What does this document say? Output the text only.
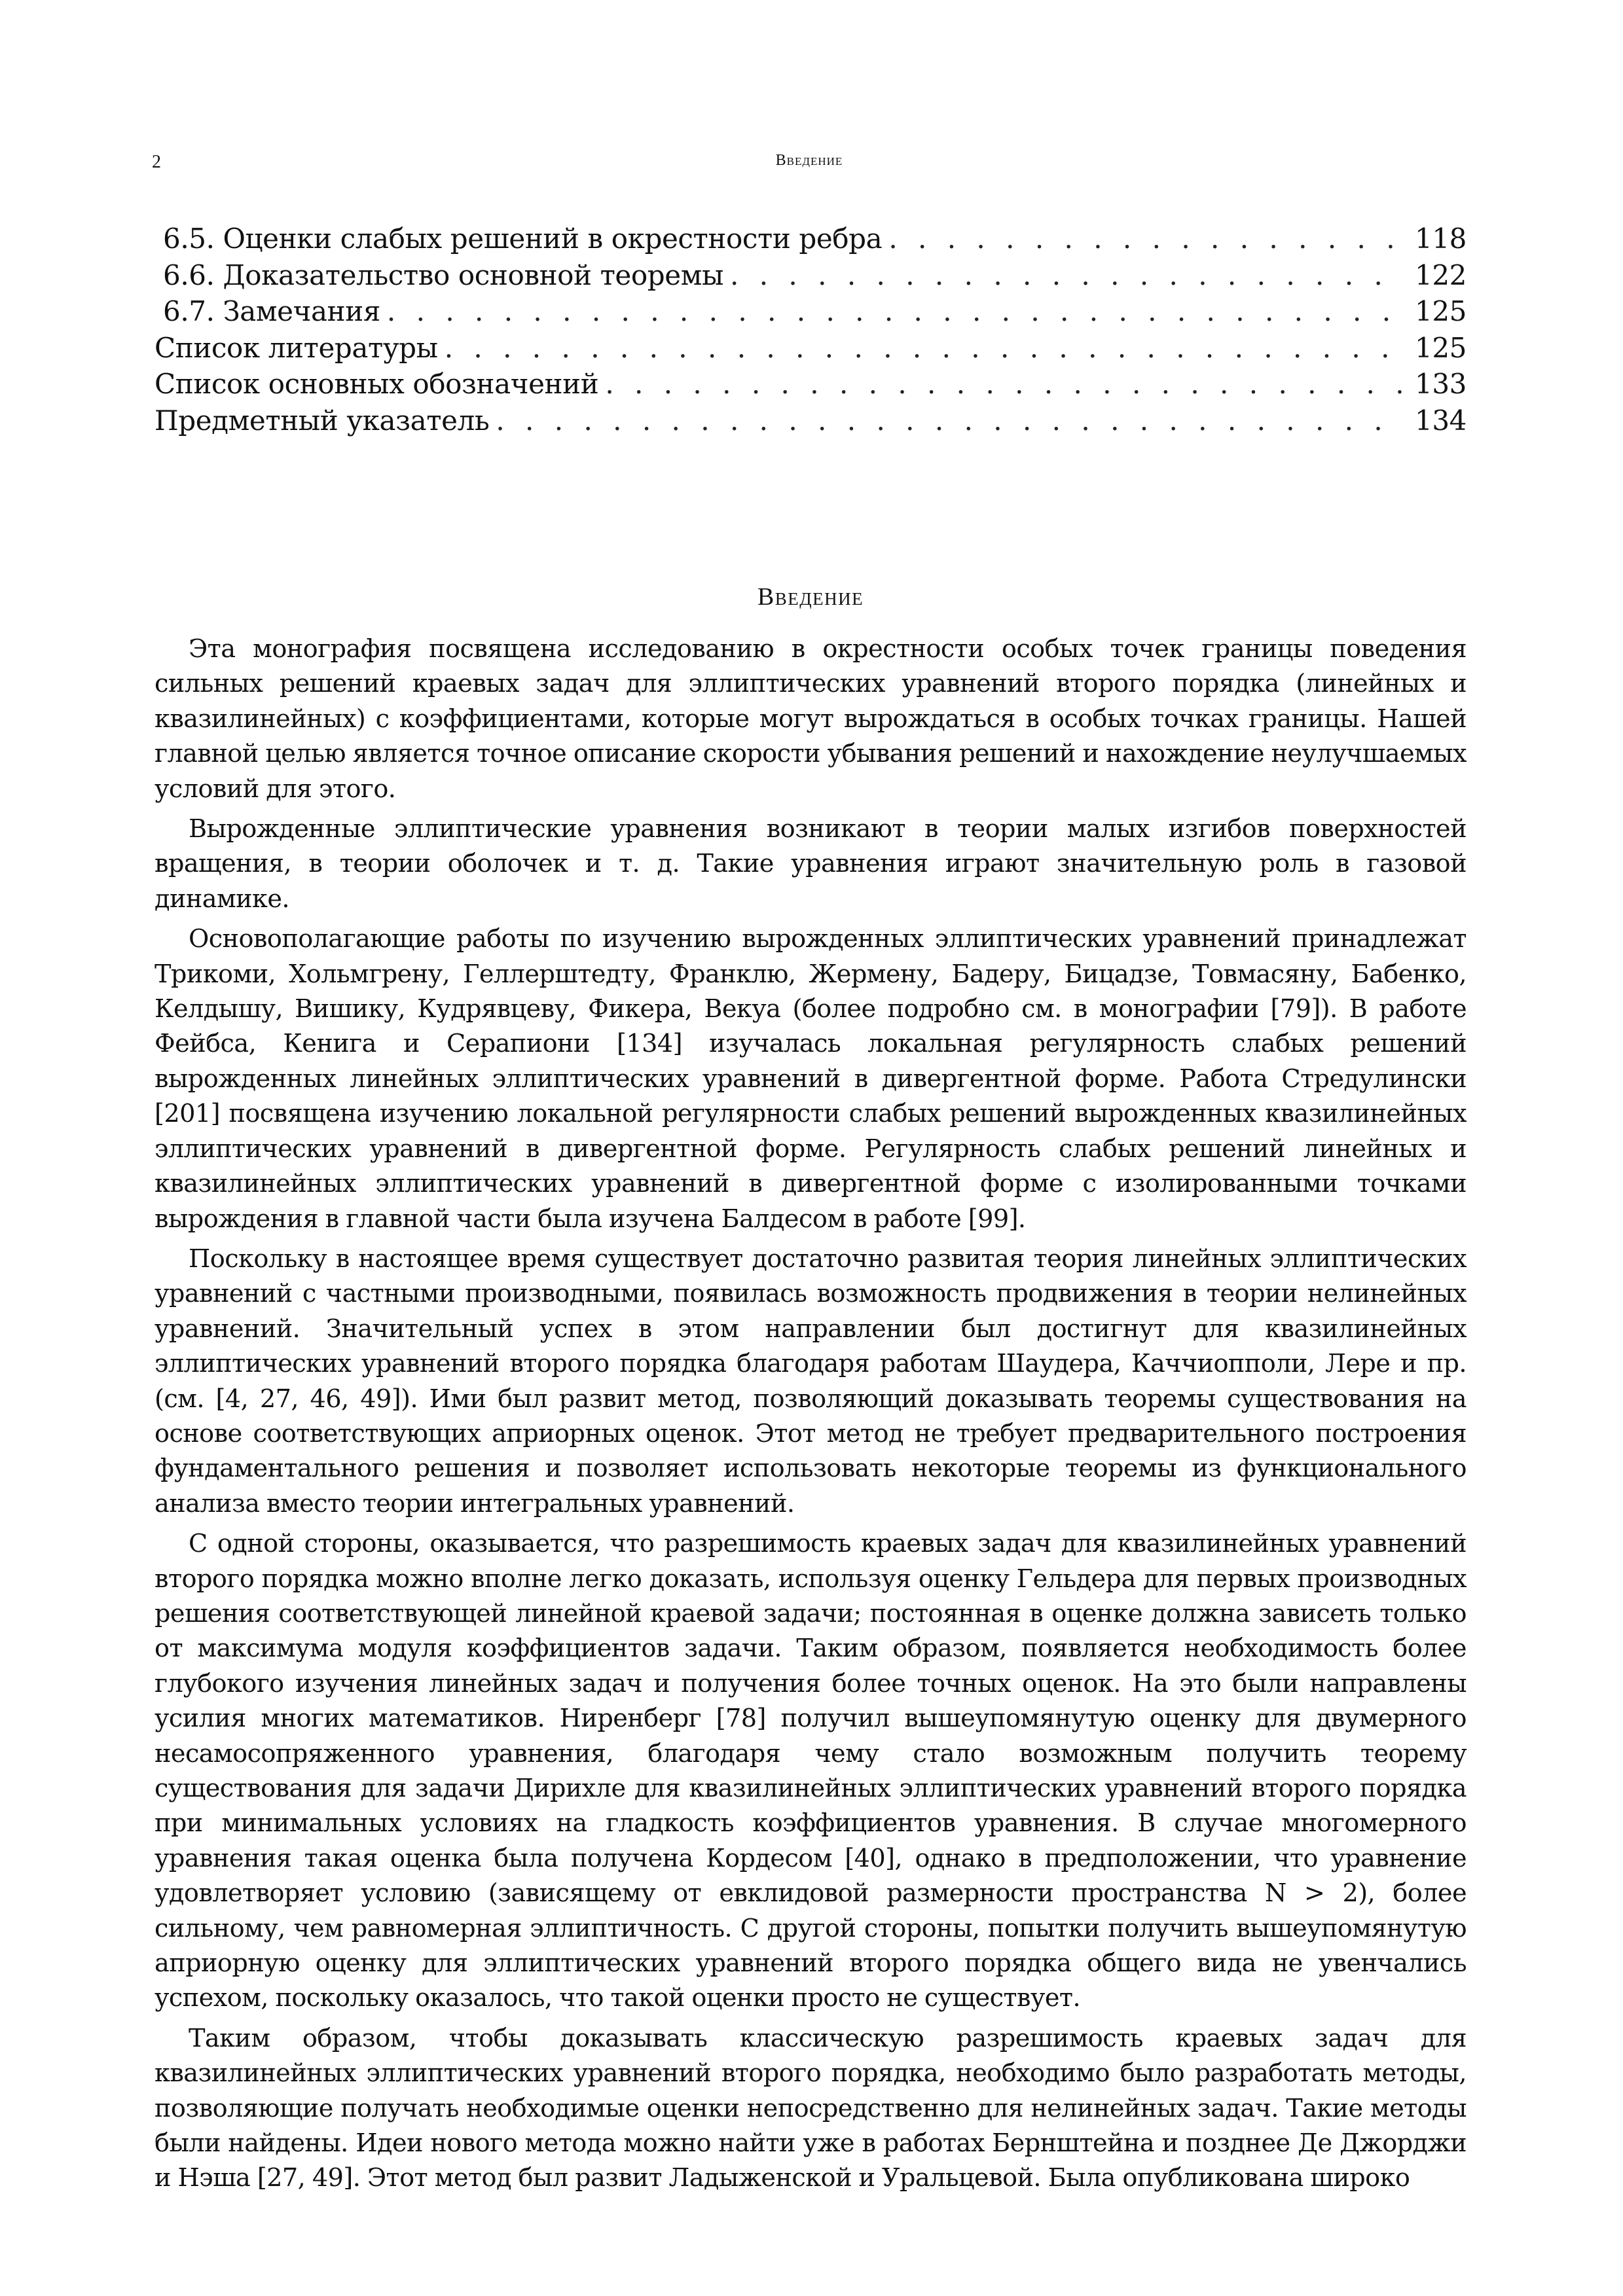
2	Введение
6.5. Оценки слабых решений в окрестности ребра . . .	118
6.6. Доказательство основной теоремы . . .	122
6.7. Замечания . . .	125
Список литературы . . .	125
Список основных обозначений . . .	133
Предметный указатель . . .	134
Введение

Эта монография посвящена исследованию в окрестности особых точек границы поведения сильных решений краевых задач для эллиптических уравнений второго порядка (линейных и квазилинейных) с коэффициентами, которые могут вырождаться в особых точках границы. Нашей главной целью является точное описание скорости убывания решений и нахождение неулучшаемых условий для этого.

Вырожденные эллиптические уравнения возникают в теории малых изгибов поверхностей вращения, в теории оболочек и т. д. Такие уравнения играют значительную роль в газовой динамике.

Основополагающие работы по изучению вырожденных эллиптических уравнений принадлежат Трикоми, Хольмгрену, Геллерштедту, Франклю, Жермену, Бадеру, Бицадзе, Товмасяну, Бабенко, Келдышу, Вишику, Кудрявцеву, Фикера, Векуа (более подробно см. в монографии [79]). В работе Фейбса, Кенига и Серапиони [134] изучалась локальная регулярность слабых решений вырожденных линейных эллиптических уравнений в дивергентной форме. Работа Стредулински [201] посвящена изучению локальной регулярности слабых решений вырожденных квазилинейных эллиптических уравнений в дивергентной форме. Регулярность слабых решений линейных и квазилинейных эллиптических уравнений в дивергентной форме с изолированными точками вырождения в главной части была изучена Балдесом в работе [99].

Поскольку в настоящее время существует достаточно развитая теория линейных эллиптических уравнений с частными производными, появилась возможность продвижения в теории нелинейных уравнений. Значительный успех в этом направлении был достигнут для квазилинейных эллиптических уравнений второго порядка благодаря работам Шаудера, Каччиопполи, Лере и пр. (см. [4, 27, 46, 49]). Ими был развит метод, позволяющий доказывать теоремы существования на основе соответствующих априорных оценок. Этот метод не требует предварительного построения фундаментального решения и позволяет использовать некоторые теоремы из функционального анализа вместо теории интегральных уравнений.

С одной стороны, оказывается, что разрешимость краевых задач для квазилинейных уравнений второго порядка можно вполне легко доказать, используя оценку Гельдера для первых производных решения соответствующей линейной краевой задачи; постоянная в оценке должна зависеть только от максимума модуля коэффициентов задачи. Таким образом, появляется необходимость более глубокого изучения линейных задач и получения более точных оценок. На это были направлены усилия многих математиков. Ниренберг [78] получил вышеупомянутую оценку для двумерного несамосопряженного уравнения, благодаря чему стало возможным получить теорему существования для задачи Дирихле для квазилинейных эллиптических уравнений второго порядка при минимальных условиях на гладкость коэффициентов уравнения. В случае многомерного уравнения такая оценка была получена Кордесом [40], однако в предположении, что уравнение удовлетворяет условию (зависящему от евклидовой размерности пространства N > 2), более сильному, чем равномерная эллиптичность. С другой стороны, попытки получить вышеупомянутую априорную оценку для эллиптических уравнений второго порядка общего вида не увенчались успехом, поскольку оказалось, что такой оценки просто не существует.

Таким образом, чтобы доказывать классическую разрешимость краевых задач для квазилинейных эллиптических уравнений второго порядка, необходимо было разработать методы, позволяющие получать необходимые оценки непосредственно для нелинейных задач. Такие методы были найдены. Идеи нового метода можно найти уже в работах Бернштейна и позднее Де Джорджи и Нэша [27, 49]. Этот метод был развит Ладыженской и Уральцевой. Была опубликована широко
